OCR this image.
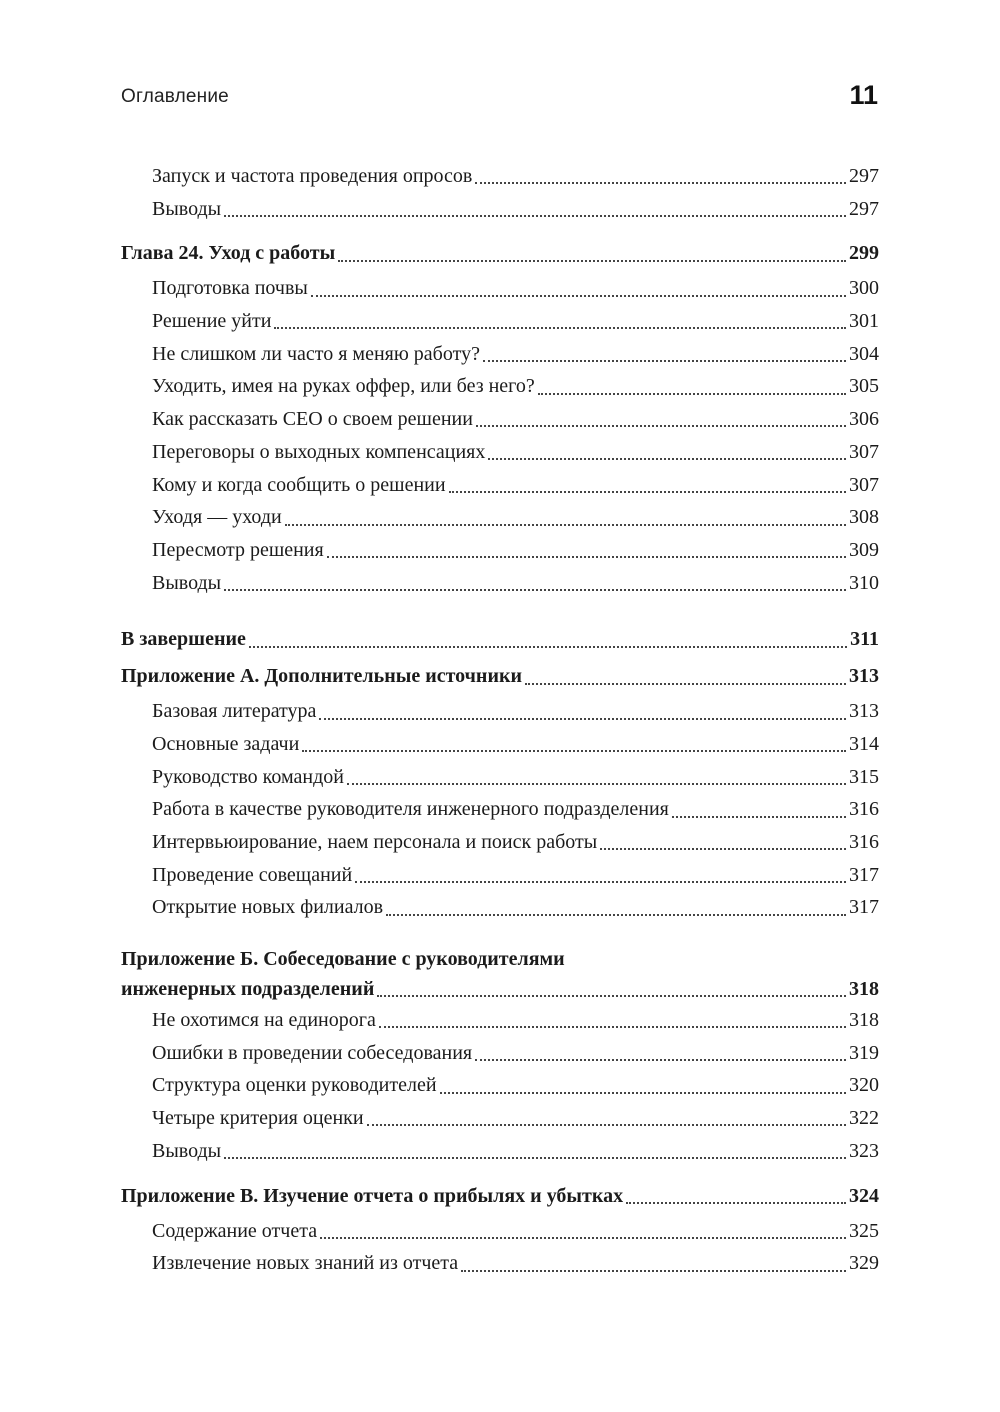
Оглавление	11
Запуск и частота проведения опросов	297
Выводы	297
Глава 24. Уход с работы	299
Подготовка почвы	300
Решение уйти	301
Не слишком ли часто я меняю работу?	304
Уходить, имея на руках оффер, или без него?	305
Как рассказать CEO о своем решении	306
Переговоры о выходных компенсациях	307
Кому и когда сообщить о решении	307
Уходя — уходи	308
Пересмотр решения	309
Выводы	310
В завершение	311
Приложение А. Дополнительные источники	313
Базовая литература	313
Основные задачи	314
Руководство командой	315
Работа в качестве руководителя инженерного подразделения	316
Интервьюирование, наем персонала и поиск работы	316
Проведение совещаний	317
Открытие новых филиалов	317
Приложение Б. Собеседование с руководителями
инженерных подразделений	318
Не охотимся на единорога	318
Ошибки в проведении собеседования	319
Структура оценки руководителей	320
Четыре критерия оценки	322
Выводы	323
Приложение В. Изучение отчета о прибылях и убытках	324
Содержание отчета	325
Извлечение новых знаний из отчета	329
